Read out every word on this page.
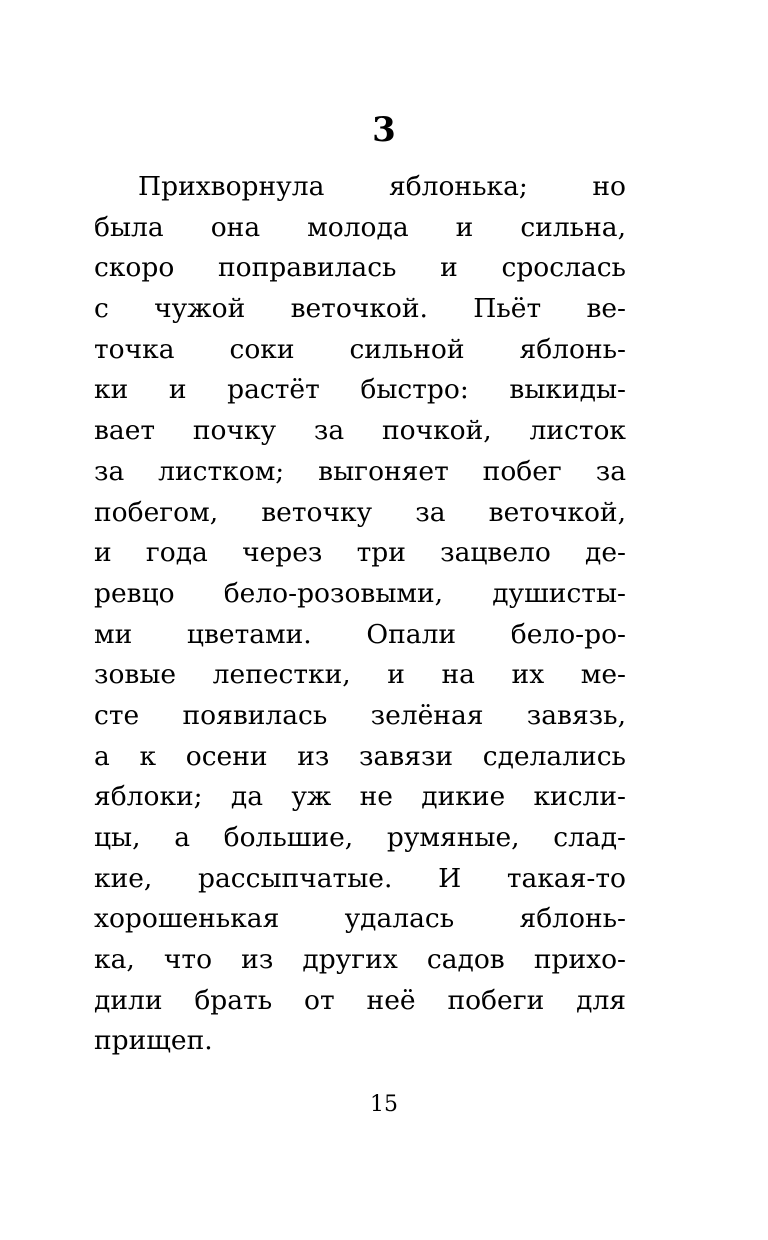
3
Прихворнула яблонька; но
была она молода и сильна,
скоро поправилась и срослась
с чужой веточкой. Пьёт ве-
точка соки сильной яблонь-
ки и растёт быстро: выкиды-
вает почку за почкой, листок
за листком; выгоняет побег за
побегом, веточку за веточкой,
и года через три зацвело де-
ревцо бело-розовыми, душисты-
ми цветами. Опали бело-ро-
зовые лепестки, и на их ме-
сте появилась зелёная завязь,
а к осени из завязи сделались
яблоки; да уж не дикие кисли-
цы, а большие, румяные, слад-
кие, рассыпчатые. И такая-то
хорошенькая удалась яблонь-
ка, что из других садов прихо-
дили брать от неё побеги для
прищеп.
15
